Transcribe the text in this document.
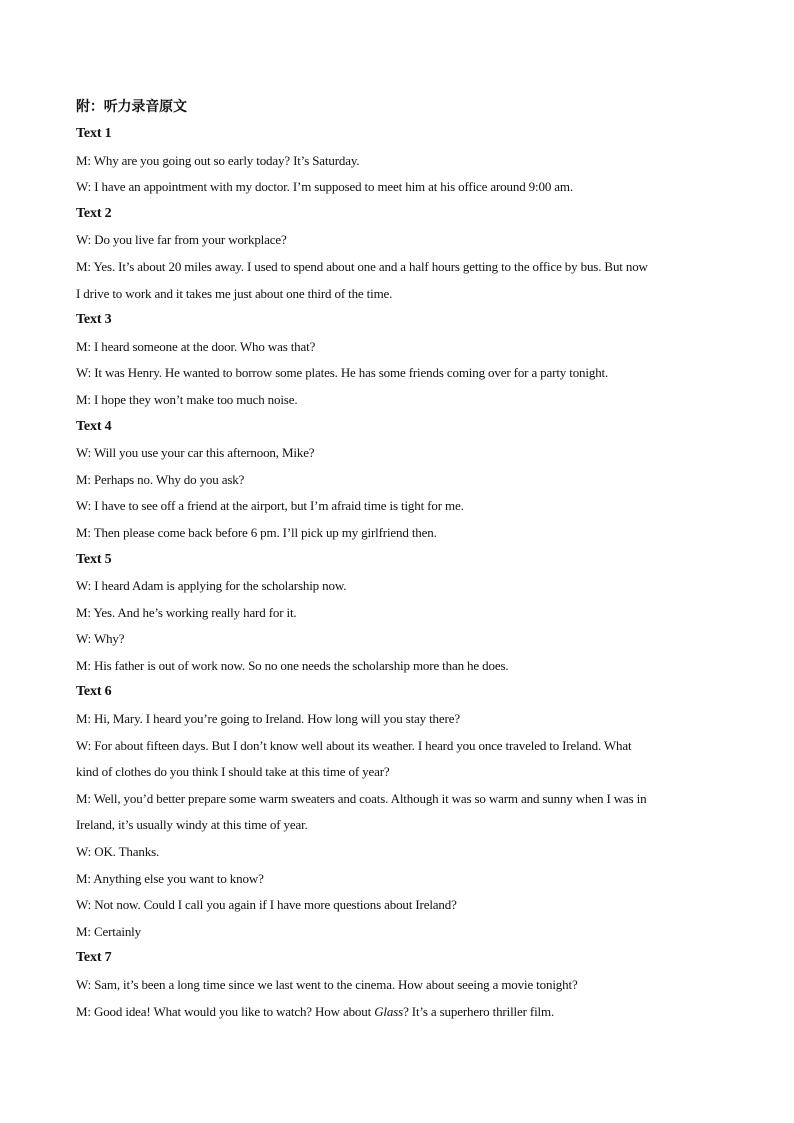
附：听力录音原文
Text 1
M: Why are you going out so early today? It’s Saturday.
W: I have an appointment with my doctor. I’m supposed to meet him at his office around 9:00 am.
Text 2
W: Do you live far from your workplace?
M: Yes. It’s about 20 miles away. I used to spend about one and a half hours getting to the office by bus. But now
I drive to work and it takes me just about one third of the time.
Text 3
M: I heard someone at the door. Who was that?
W: It was Henry. He wanted to borrow some plates. He has some friends coming over for a party tonight.
M: I hope they won’t make too much noise.
Text 4
W: Will you use your car this afternoon, Mike?
M: Perhaps no. Why do you ask?
W: I have to see off a friend at the airport, but I’m afraid time is tight for me.
M: Then please come back before 6 pm. I’ll pick up my girlfriend then.
Text 5
W: I heard Adam is applying for the scholarship now.
M: Yes. And he’s working really hard for it.
W: Why?
M: His father is out of work now. So no one needs the scholarship more than he does.
Text 6
M: Hi, Mary. I heard you’re going to Ireland. How long will you stay there?
W: For about fifteen days. But I don’t know well about its weather. I heard you once traveled to Ireland. What
kind of clothes do you think I should take at this time of year?
M: Well, you’d better prepare some warm sweaters and coats. Although it was so warm and sunny when I was in
Ireland, it’s usually windy at this time of year.
W: OK. Thanks.
M: Anything else you want to know?
W: Not now. Could I call you again if I have more questions about Ireland?
M: Certainly
Text 7
W: Sam, it’s been a long time since we last went to the cinema. How about seeing a movie tonight?
M: Good idea! What would you like to watch? How about Glass? It’s a superhero thriller film.
